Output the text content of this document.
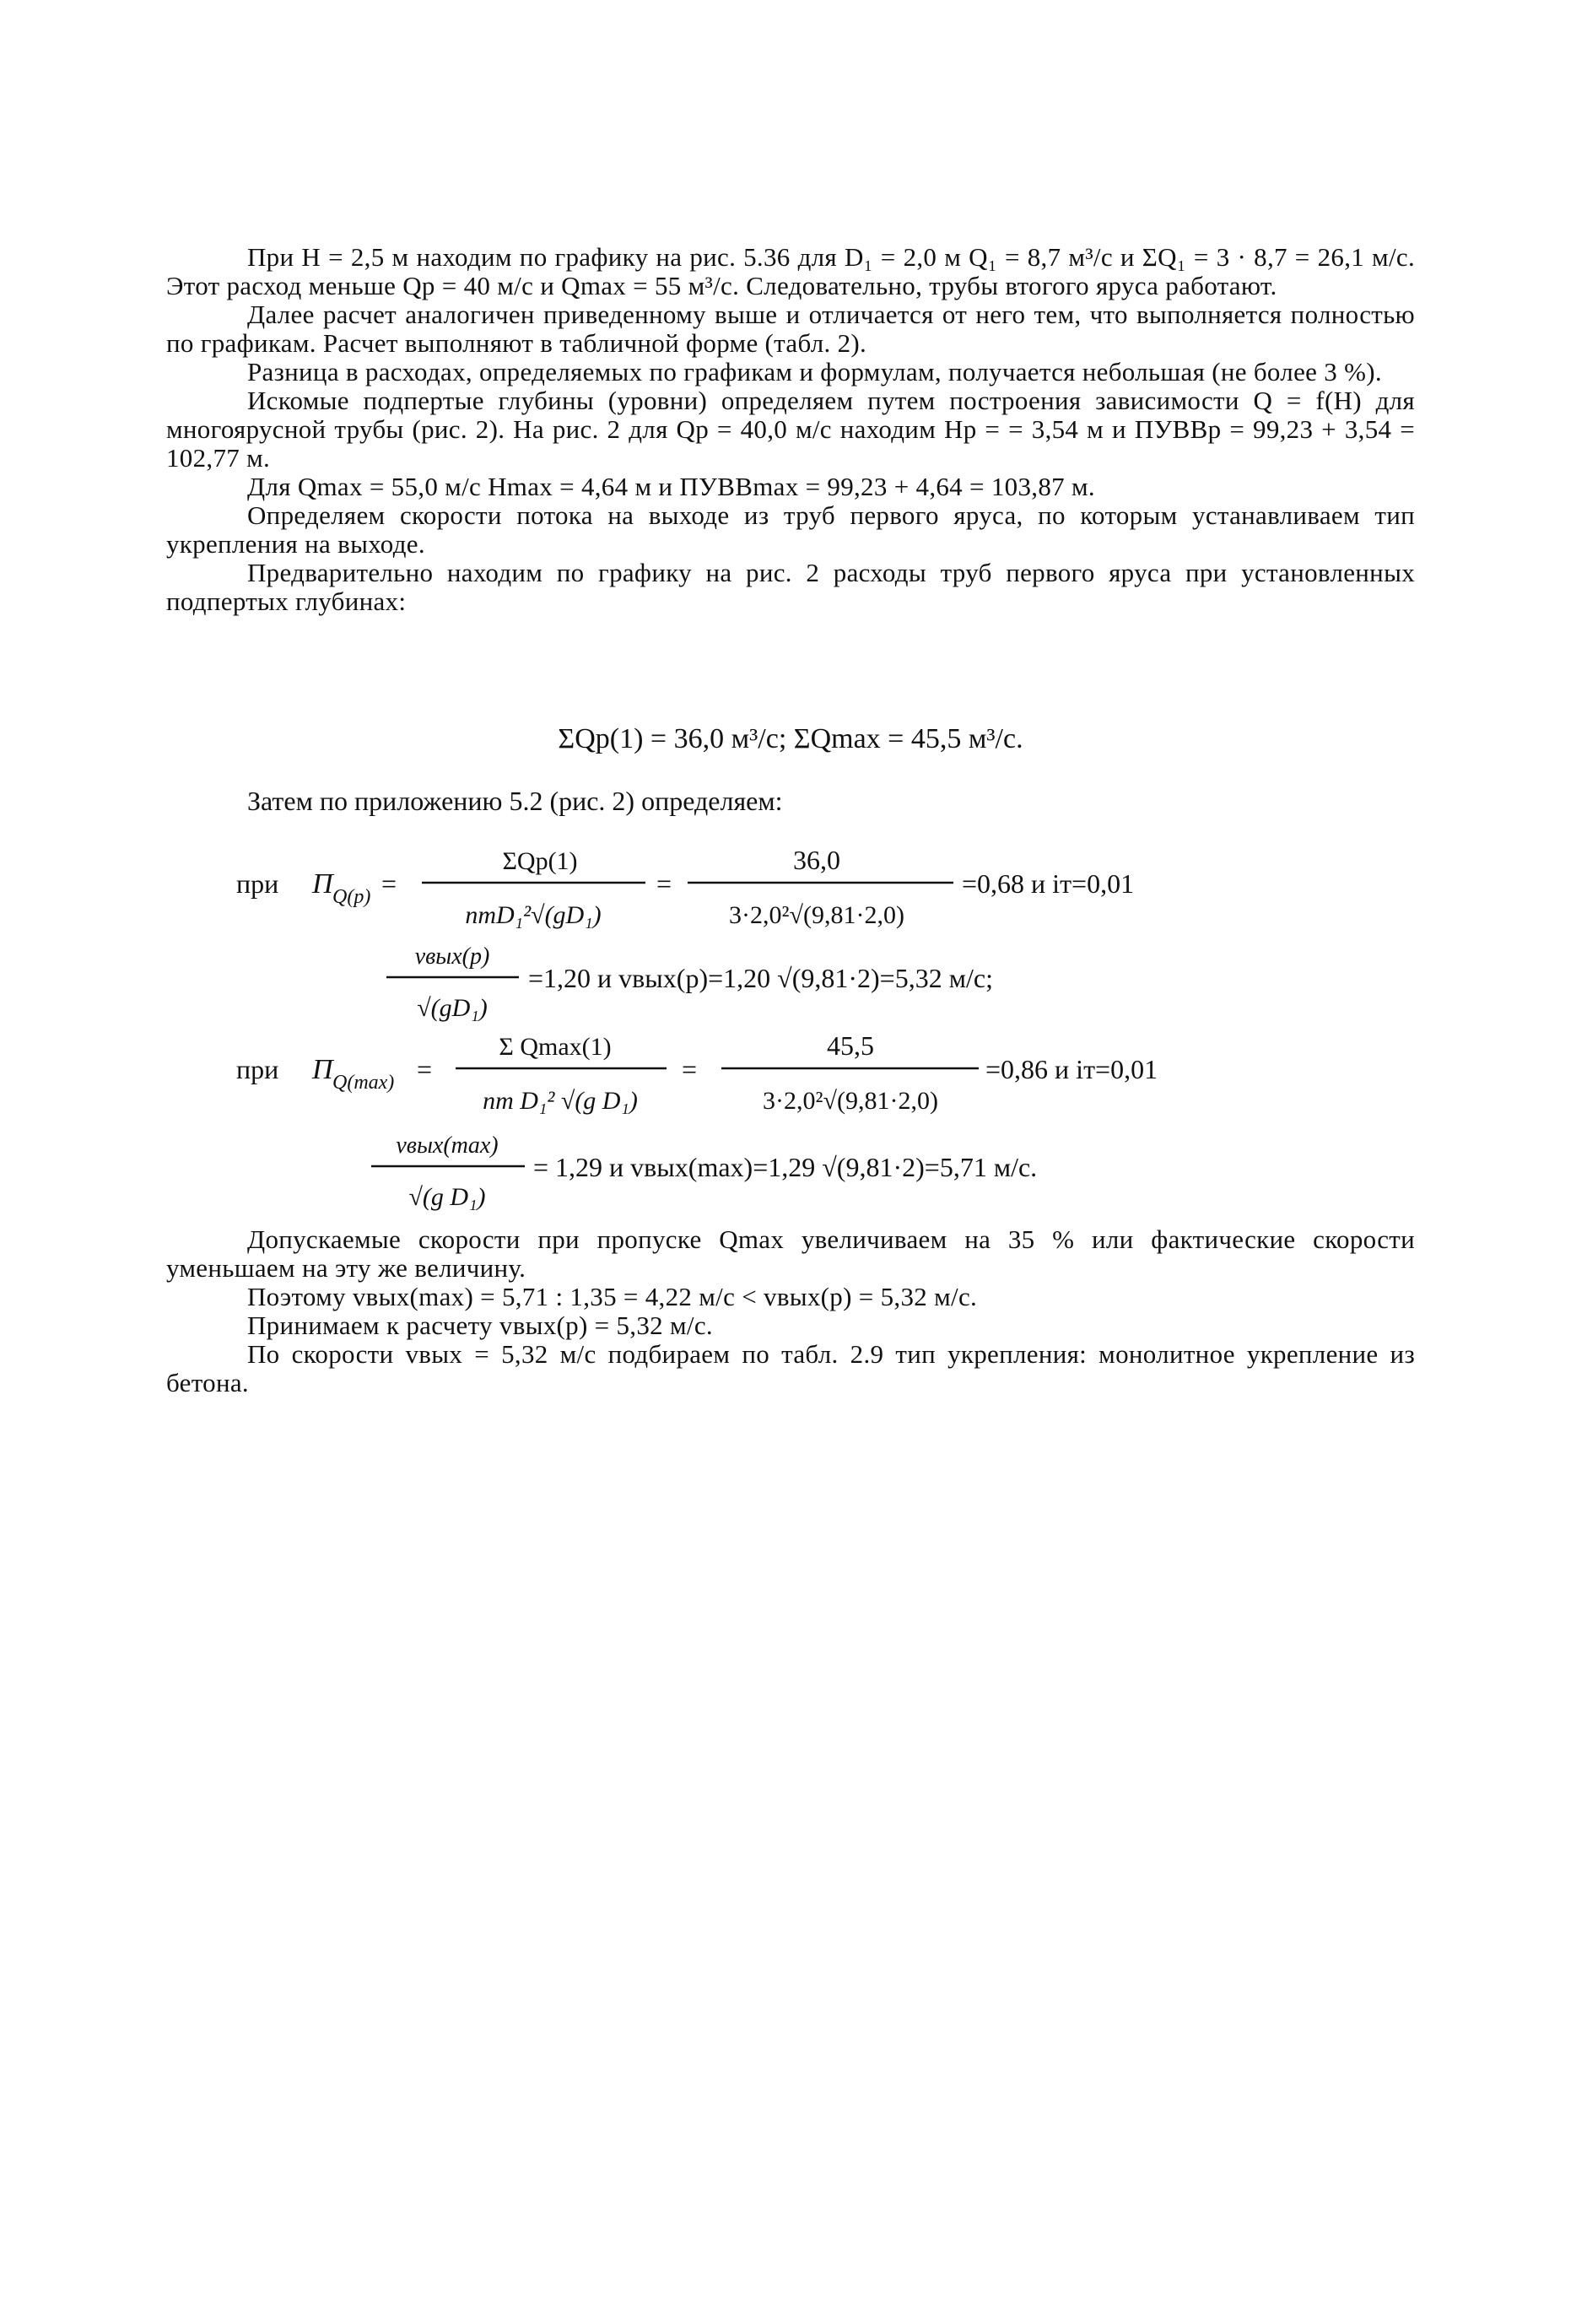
При H = 2,5 м находим по графику на рис. 5.36 для D₁ = 2,0 м Q₁ = 8,7 м³/с и ΣQ₁ = 3 · 8,7 = 26,1 м/с. Этот расход меньше Qp = 40 м/с и Qmax = 55 м³/с. Следовательно, трубы втогого яруса работают.

Далее расчет аналогичен приведенному выше и отличается от него тем, что выполняется полностью по графикам. Расчет выполняют в табличной форме (табл. 2).

Разница в расходах, определяемых по графикам и формулам, получается небольшая (не более 3 %).

Искомые подпертые глубины (уровни) определяем путем построения зависимости Q = f(H) для многоярусной трубы (рис. 2). На рис. 2 для Qp = 40,0 м/с находим Hp = = 3,54 м и ПУВВp = 99,23 + 3,54 = 102,77 м.

Для Qmax = 55,0 м/с Hmax = 4,64 м и ПУВВmax = 99,23 + 4,64 = 103,87 м.

Определяем скорости потока на выходе из труб первого яруса, по которым устанавливаем тип укрепления на выходе.

Предварительно находим по графику на рис. 2 расходы труб первого яруса при установленных подпертых глубинах:

ΣQp(1) = 36,0 м³/с; ΣQmax = 45,5 м³/с.
Затем по приложению 5.2 (рис. 2) определяем:
при П Q(p) =
ΣQp(1)
nтD₁²√(gD₁)
=
36,0
3·2,0²√(9,81·2,0)
=0,68 и iт=0,01
vвых(p)
√(gD₁)
=1,20 и vвых(p)=1,20 √(9,81·2)=5,32 м/с;
при П Q(max) =
Σ Qmax(1)
nт D₁² √(g D₁)
=
45,5
3·2,0²√(9,81·2,0)
=0,86 и iт=0,01
vвых(max)
√(g D₁)
= 1,29 и vвых(max)=1,29 √(9,81·2)=5,71 м/с.

Допускаемые скорости при пропуске Qmax увеличиваем на 35 % или фактические скорости уменьшаем на эту же величину.

Поэтому vвых(max) = 5,71 : 1,35 = 4,22 м/с < vвых(p) = 5,32 м/с.

Принимаем к расчету vвых(p) = 5,32 м/с.

По скорости vвых = 5,32 м/с подбираем по табл. 2.9 тип укрепления: монолитное укрепление из бетона.
